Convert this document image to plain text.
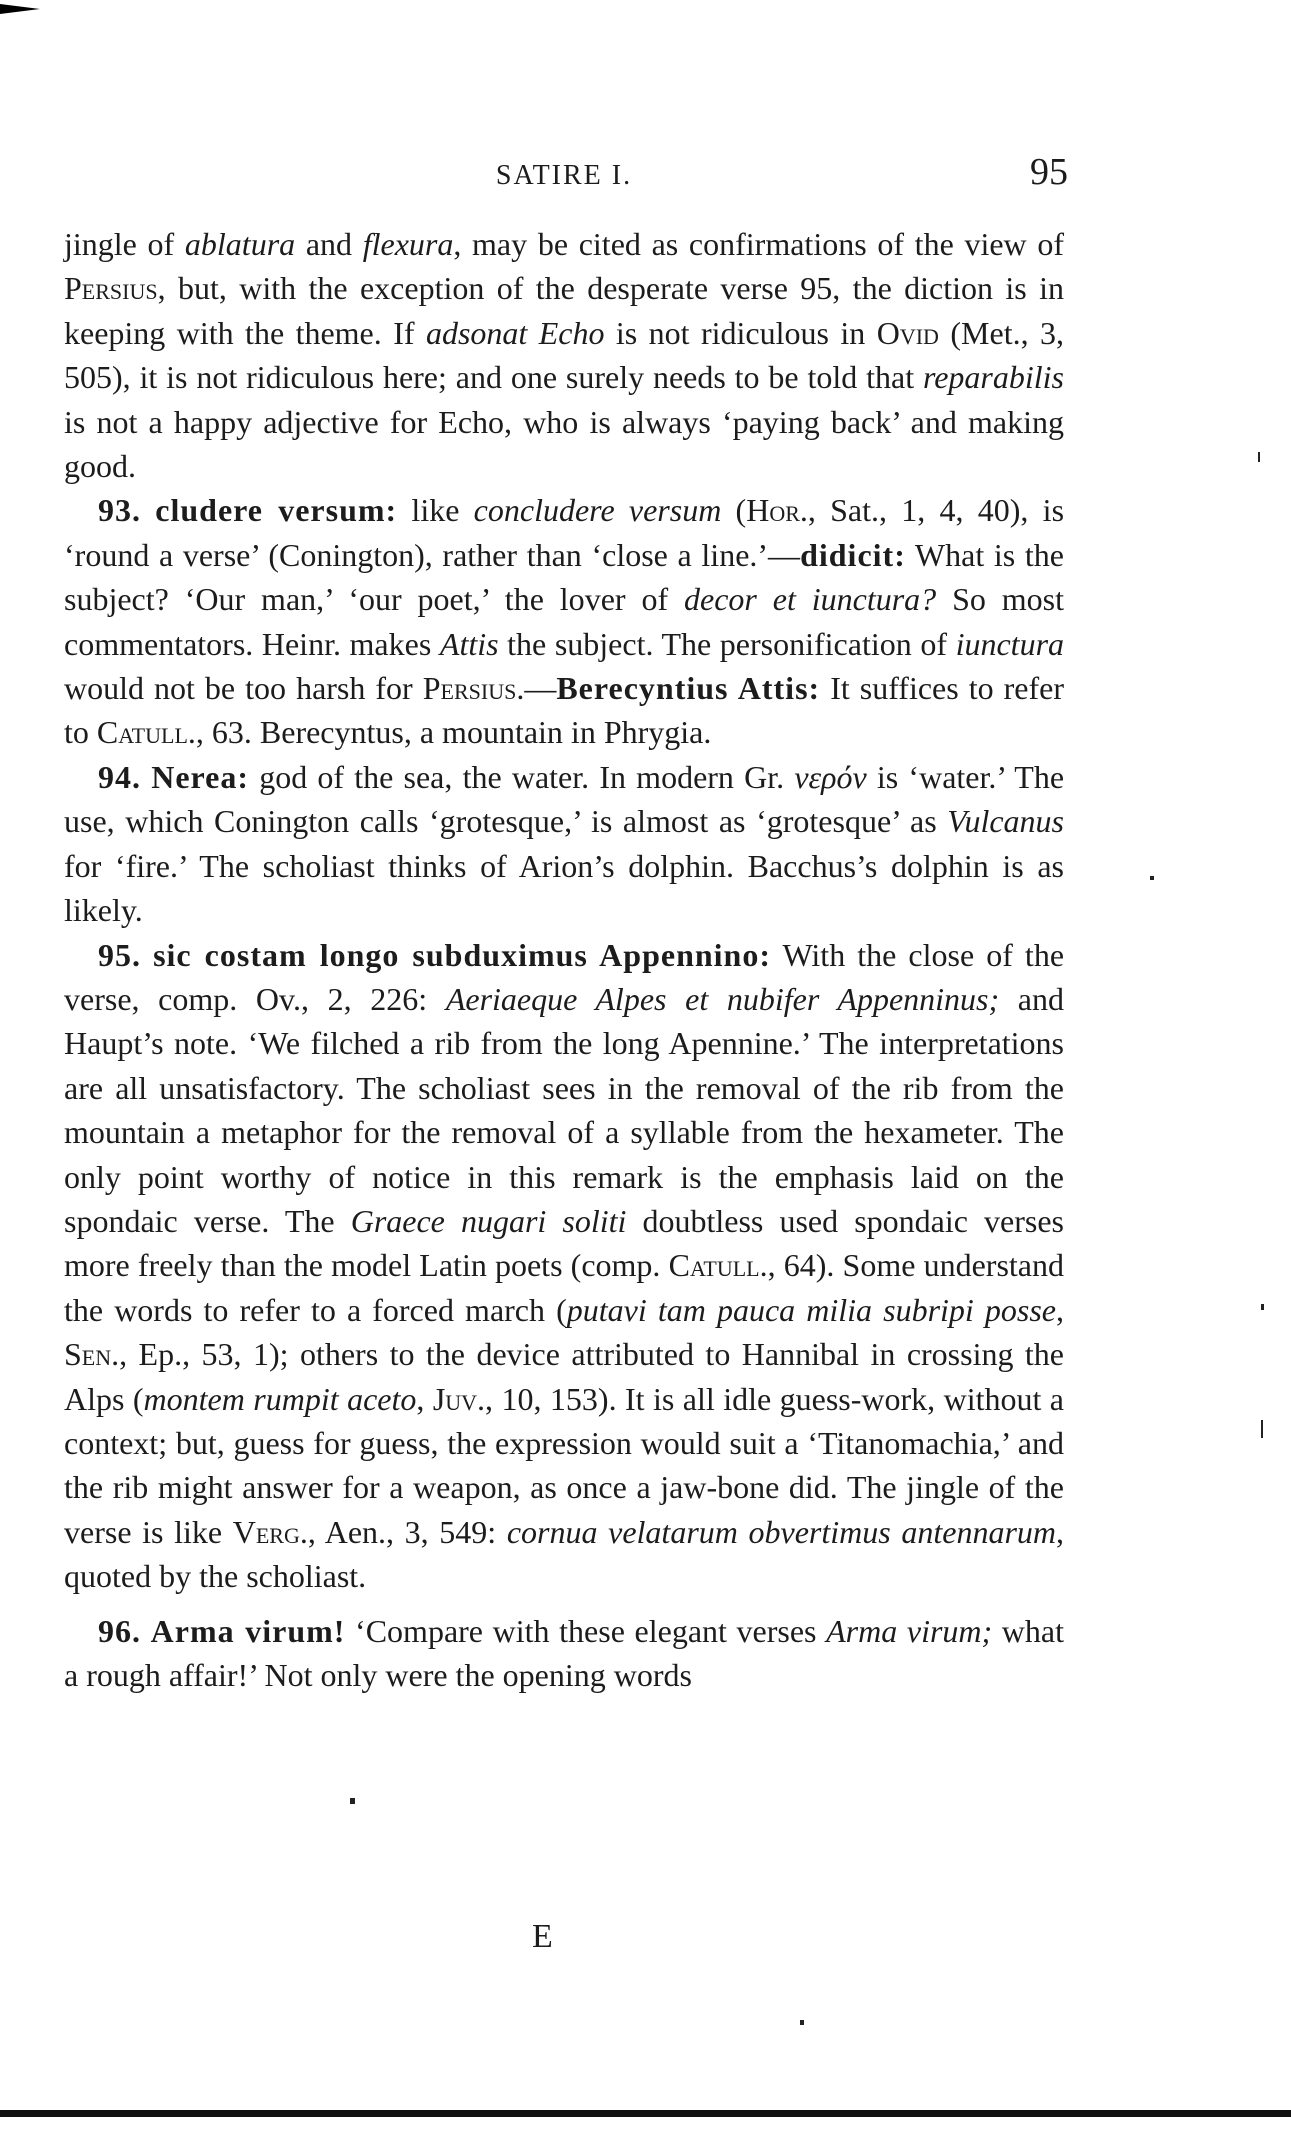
SATIRE I.	95

jingle of ablatura and flexura, may be cited as confirmations of the view of Persius, but, with the exception of the desperate verse 95, the diction is in keeping with the theme. If adsonat Echo is not ridiculous in Ovid (Met., 3, 505), it is not ridiculous here; and one surely needs to be told that reparabilis is not a happy adjective for Echo, who is always ‘paying back’ and making good.

93. cludere versum: like concludere versum (Hor., Sat., 1, 4, 40), is ‘round a verse’ (Conington), rather than ‘close a line.’—didicit: What is the subject? ‘Our man,’ ‘our poet,’ the lover of decor et iunctura? So most commentators. Heinr. makes Attis the subject. The personification of iunctura would not be too harsh for Persius.—Berecyntius Attis: It suffices to refer to Catull., 63. Berecyntus, a mountain in Phrygia.

94. Nerea: god of the sea, the water. In modern Gr. νερόν is ‘water.’ The use, which Conington calls ‘grotesque,’ is almost as ‘grotesque’ as Vulcanus for ‘fire.’ The scholiast thinks of Arion’s dolphin. Bacchus’s dolphin is as likely.

95. sic costam longo subduximus Appennino: With the close of the verse, comp. Ov., 2, 226: Aeriaeque Alpes et nubifer Appenninus; and Haupt’s note. ‘We filched a rib from the long Apennine.’ The interpretations are all unsatisfactory. The scholiast sees in the removal of the rib from the mountain a metaphor for the removal of a syllable from the hexameter. The only point worthy of notice in this remark is the emphasis laid on the spondaic verse. The Graece nugari soliti doubtless used spondaic verses more freely than the model Latin poets (comp. Catull., 64). Some understand the words to refer to a forced march (putavi tam pauca milia subripi posse, Sen., Ep., 53, 1); others to the device attributed to Hannibal in crossing the Alps (montem rumpit aceto, Juv., 10, 153). It is all idle guess-work, without a context; but, guess for guess, the expression would suit a ‘Titanomachia,’ and the rib might answer for a weapon, as once a jaw-bone did. The jingle of the verse is like Verg., Aen., 3, 549: cornua velatarum obvertimus antennarum, quoted by the scholiast.

96. Arma virum! ‘Compare with these elegant verses Arma virum; what a rough affair!’ Not only were the opening words

E
